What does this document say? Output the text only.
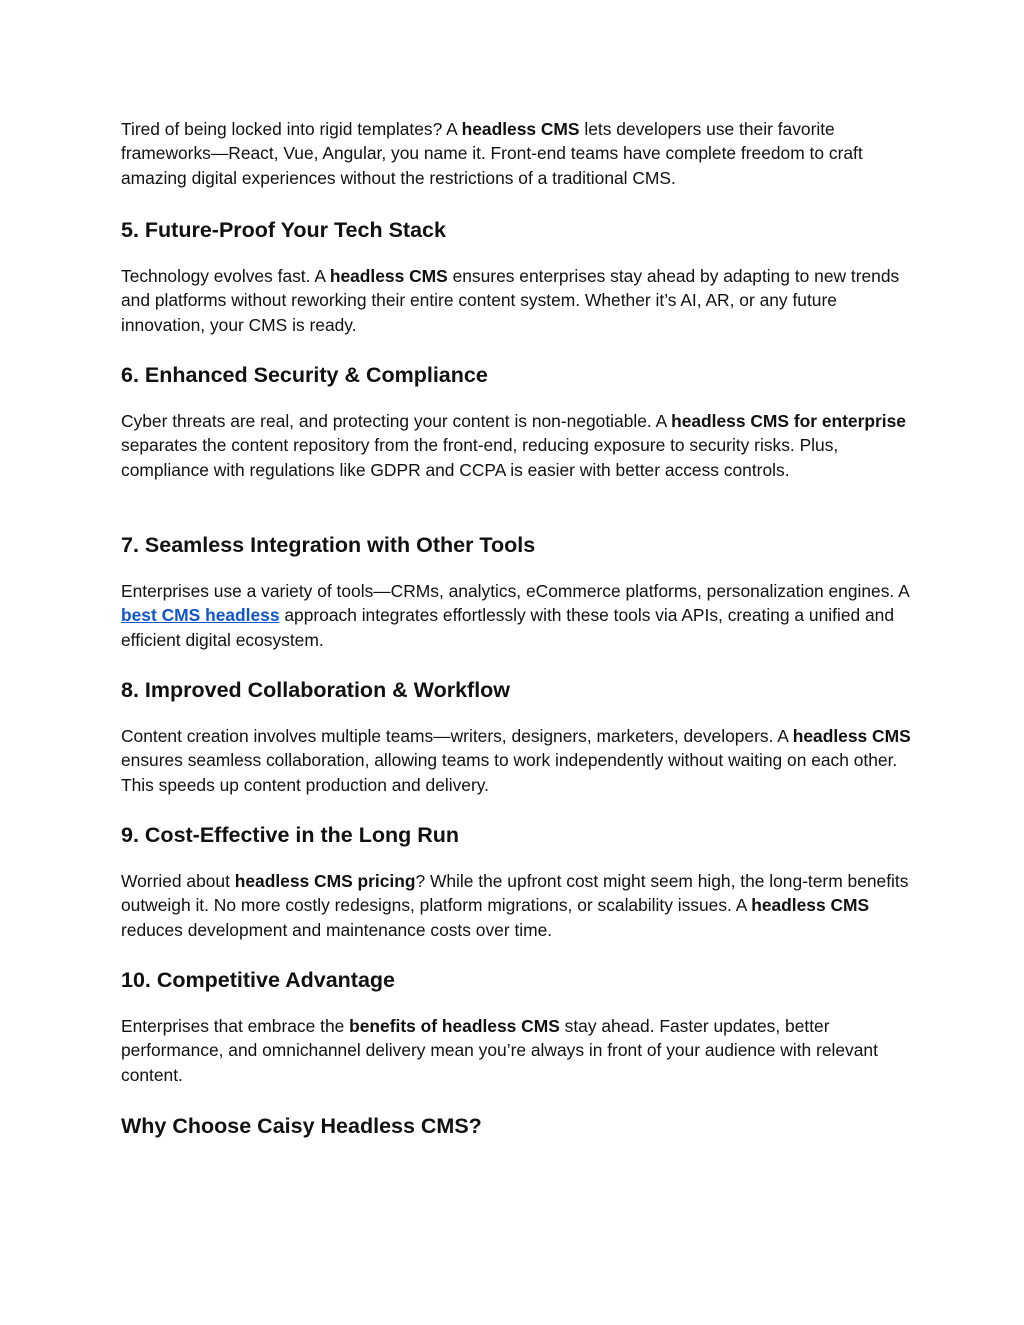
Tired of being locked into rigid templates? A headless CMS lets developers use their favorite frameworks—React, Vue, Angular, you name it. Front-end teams have complete freedom to craft amazing digital experiences without the restrictions of a traditional CMS.

5. Future-Proof Your Tech Stack

Technology evolves fast. A headless CMS ensures enterprises stay ahead by adapting to new trends and platforms without reworking their entire content system. Whether it’s AI, AR, or any future innovation, your CMS is ready.

6. Enhanced Security & Compliance

Cyber threats are real, and protecting your content is non-negotiable. A headless CMS for enterprise separates the content repository from the front-end, reducing exposure to security risks. Plus, compliance with regulations like GDPR and CCPA is easier with better access controls.

7. Seamless Integration with Other Tools

Enterprises use a variety of tools—CRMs, analytics, eCommerce platforms, personalization engines. A best CMS headless approach integrates effortlessly with these tools via APIs, creating a unified and efficient digital ecosystem.

8. Improved Collaboration & Workflow

Content creation involves multiple teams—writers, designers, marketers, developers. A headless CMS ensures seamless collaboration, allowing teams to work independently without waiting on each other. This speeds up content production and delivery.

9. Cost-Effective in the Long Run

Worried about headless CMS pricing? While the upfront cost might seem high, the long-term benefits outweigh it. No more costly redesigns, platform migrations, or scalability issues. A headless CMS reduces development and maintenance costs over time.

10. Competitive Advantage

Enterprises that embrace the benefits of headless CMS stay ahead. Faster updates, better performance, and omnichannel delivery mean you’re always in front of your audience with relevant content.

Why Choose Caisy Headless CMS?
